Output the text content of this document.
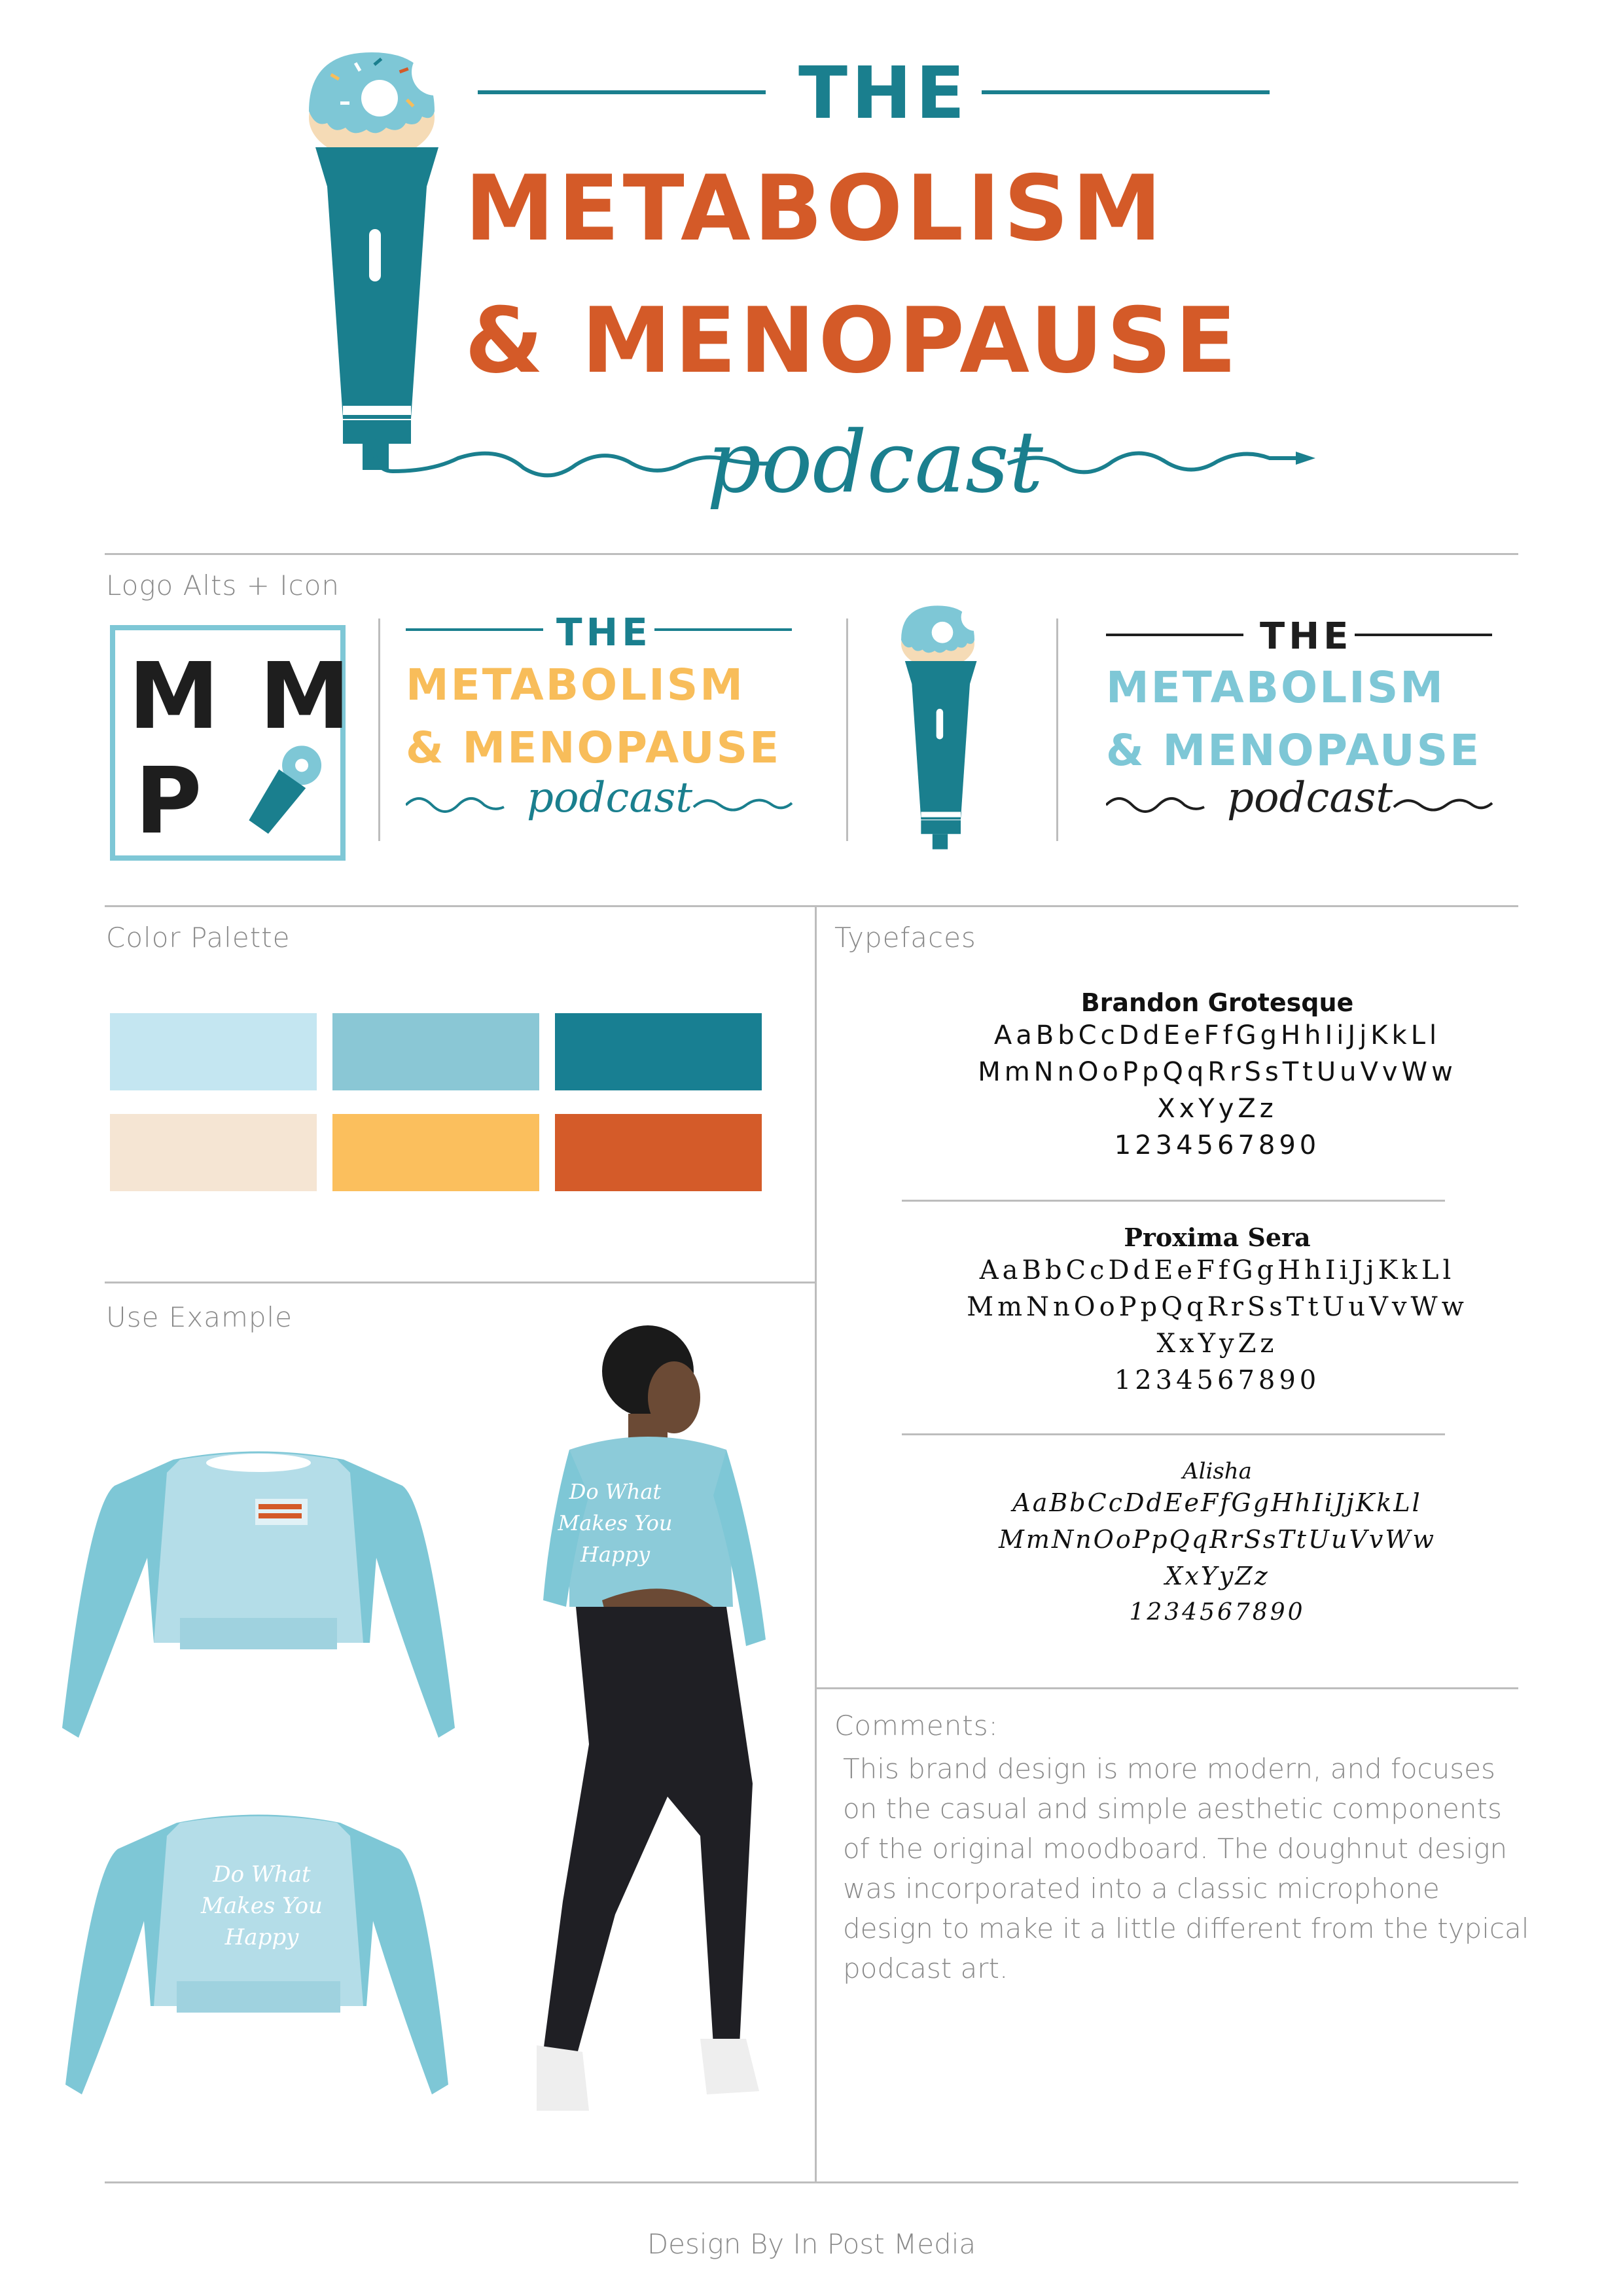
THE
METABOLISM
& MENOPAUSE
podcast
Logo Alts + Icon
M M
P
THE
METABOLISM
& MENOPAUSE
podcast
THE
METABOLISM
& MENOPAUSE
podcast
Color Palette	Typefaces
Brandon Grotesque
AaBbCcDdEeFfGgHhIiJjKkLl
MmNnOoPpQqRrSsTtUuVvWw
XxYyZz
1234567890
Proxima Sera
AaBbCcDdEeFfGgHhIiJjKkLl
MmNnOoPpQqRrSsTtUuVvWw
XxYyZz
1234567890
Alisha
AaBbCcDdEeFfGgHhIiJjKkLl
MmNnOoPpQqRrSsTtUuVvWw
XxYyZz
1234567890
Use Example
Do What
Makes You
Happy
Do What
Makes You
Happy
Comments:
This brand design is more modern, and focuses on the casual and simple aesthetic components of the original moodboard. The doughnut design was incorporated into a classic microphone design to make it a little different from the typical podcast art.
Design By In Post Media
